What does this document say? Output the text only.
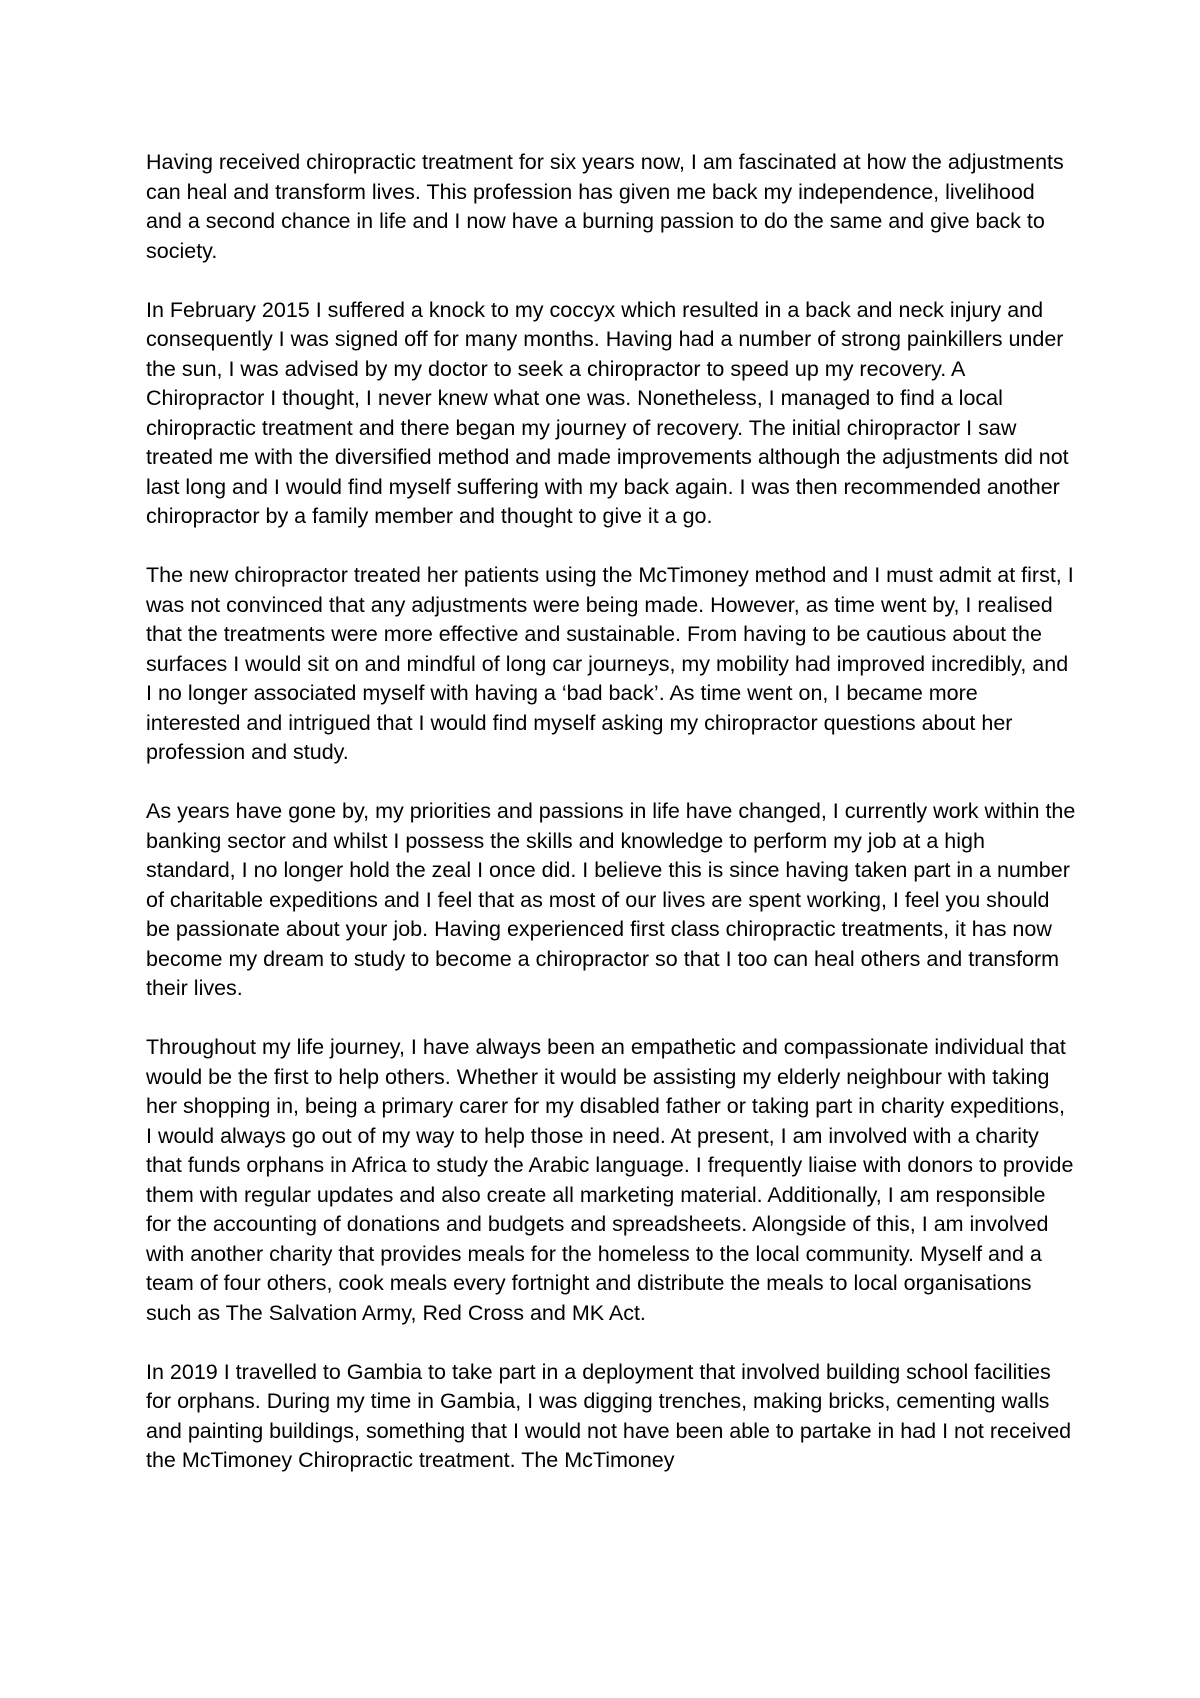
Having received chiropractic treatment for six years now, I am fascinated at how the adjustments can heal and transform lives. This profession has given me back my independence, livelihood and a second chance in life and I now have a burning passion to do the same and give back to society.

In February 2015 I suffered a knock to my coccyx which resulted in a back and neck injury and consequently I was signed off for many months. Having had a number of strong painkillers under the sun, I was advised by my doctor to seek a chiropractor to speed up my recovery. A Chiropractor I thought, I never knew what one was. Nonetheless, I managed to find a local chiropractic treatment and there began my journey of recovery. The initial chiropractor I saw treated me with the diversified method and made improvements although the adjustments did not last long and I would find myself suffering with my back again. I was then recommended another chiropractor by a family member and thought to give it a go.

The new chiropractor treated her patients using the McTimoney method and I must admit at first, I was not convinced that any adjustments were being made. However, as time went by, I realised that the treatments were more effective and sustainable. From having to be cautious about the surfaces I would sit on and mindful of long car journeys, my mobility had improved incredibly, and I no longer associated myself with having a ‘bad back’. As time went on, I became more interested and intrigued that I would find myself asking my chiropractor questions about her profession and study.

As years have gone by, my priorities and passions in life have changed, I currently work within the banking sector and whilst I possess the skills and knowledge to perform my job at a high standard, I no longer hold the zeal I once did. I believe this is since having taken part in a number of charitable expeditions and I feel that as most of our lives are spent working, I feel you should be passionate about your job. Having experienced first class chiropractic treatments, it has now become my dream to study to become a chiropractor so that I too can heal others and transform their lives.

Throughout my life journey, I have always been an empathetic and compassionate individual that would be the first to help others. Whether it would be assisting my elderly neighbour with taking her shopping in, being a primary carer for my disabled father or taking part in charity expeditions, I would always go out of my way to help those in need. At present, I am involved with a charity that funds orphans in Africa to study the Arabic language. I frequently liaise with donors to provide them with regular updates and also create all marketing material. Additionally, I am responsible for the accounting of donations and budgets and spreadsheets. Alongside of this, I am involved with another charity that provides meals for the homeless to the local community. Myself and a team of four others, cook meals every fortnight and distribute the meals to local organisations such as The Salvation Army, Red Cross and MK Act.

In 2019 I travelled to Gambia to take part in a deployment that involved building school facilities for orphans. During my time in Gambia, I was digging trenches, making bricks, cementing walls and painting buildings, something that I would not have been able to partake in had I not received the McTimoney Chiropractic treatment. The McTimoney
